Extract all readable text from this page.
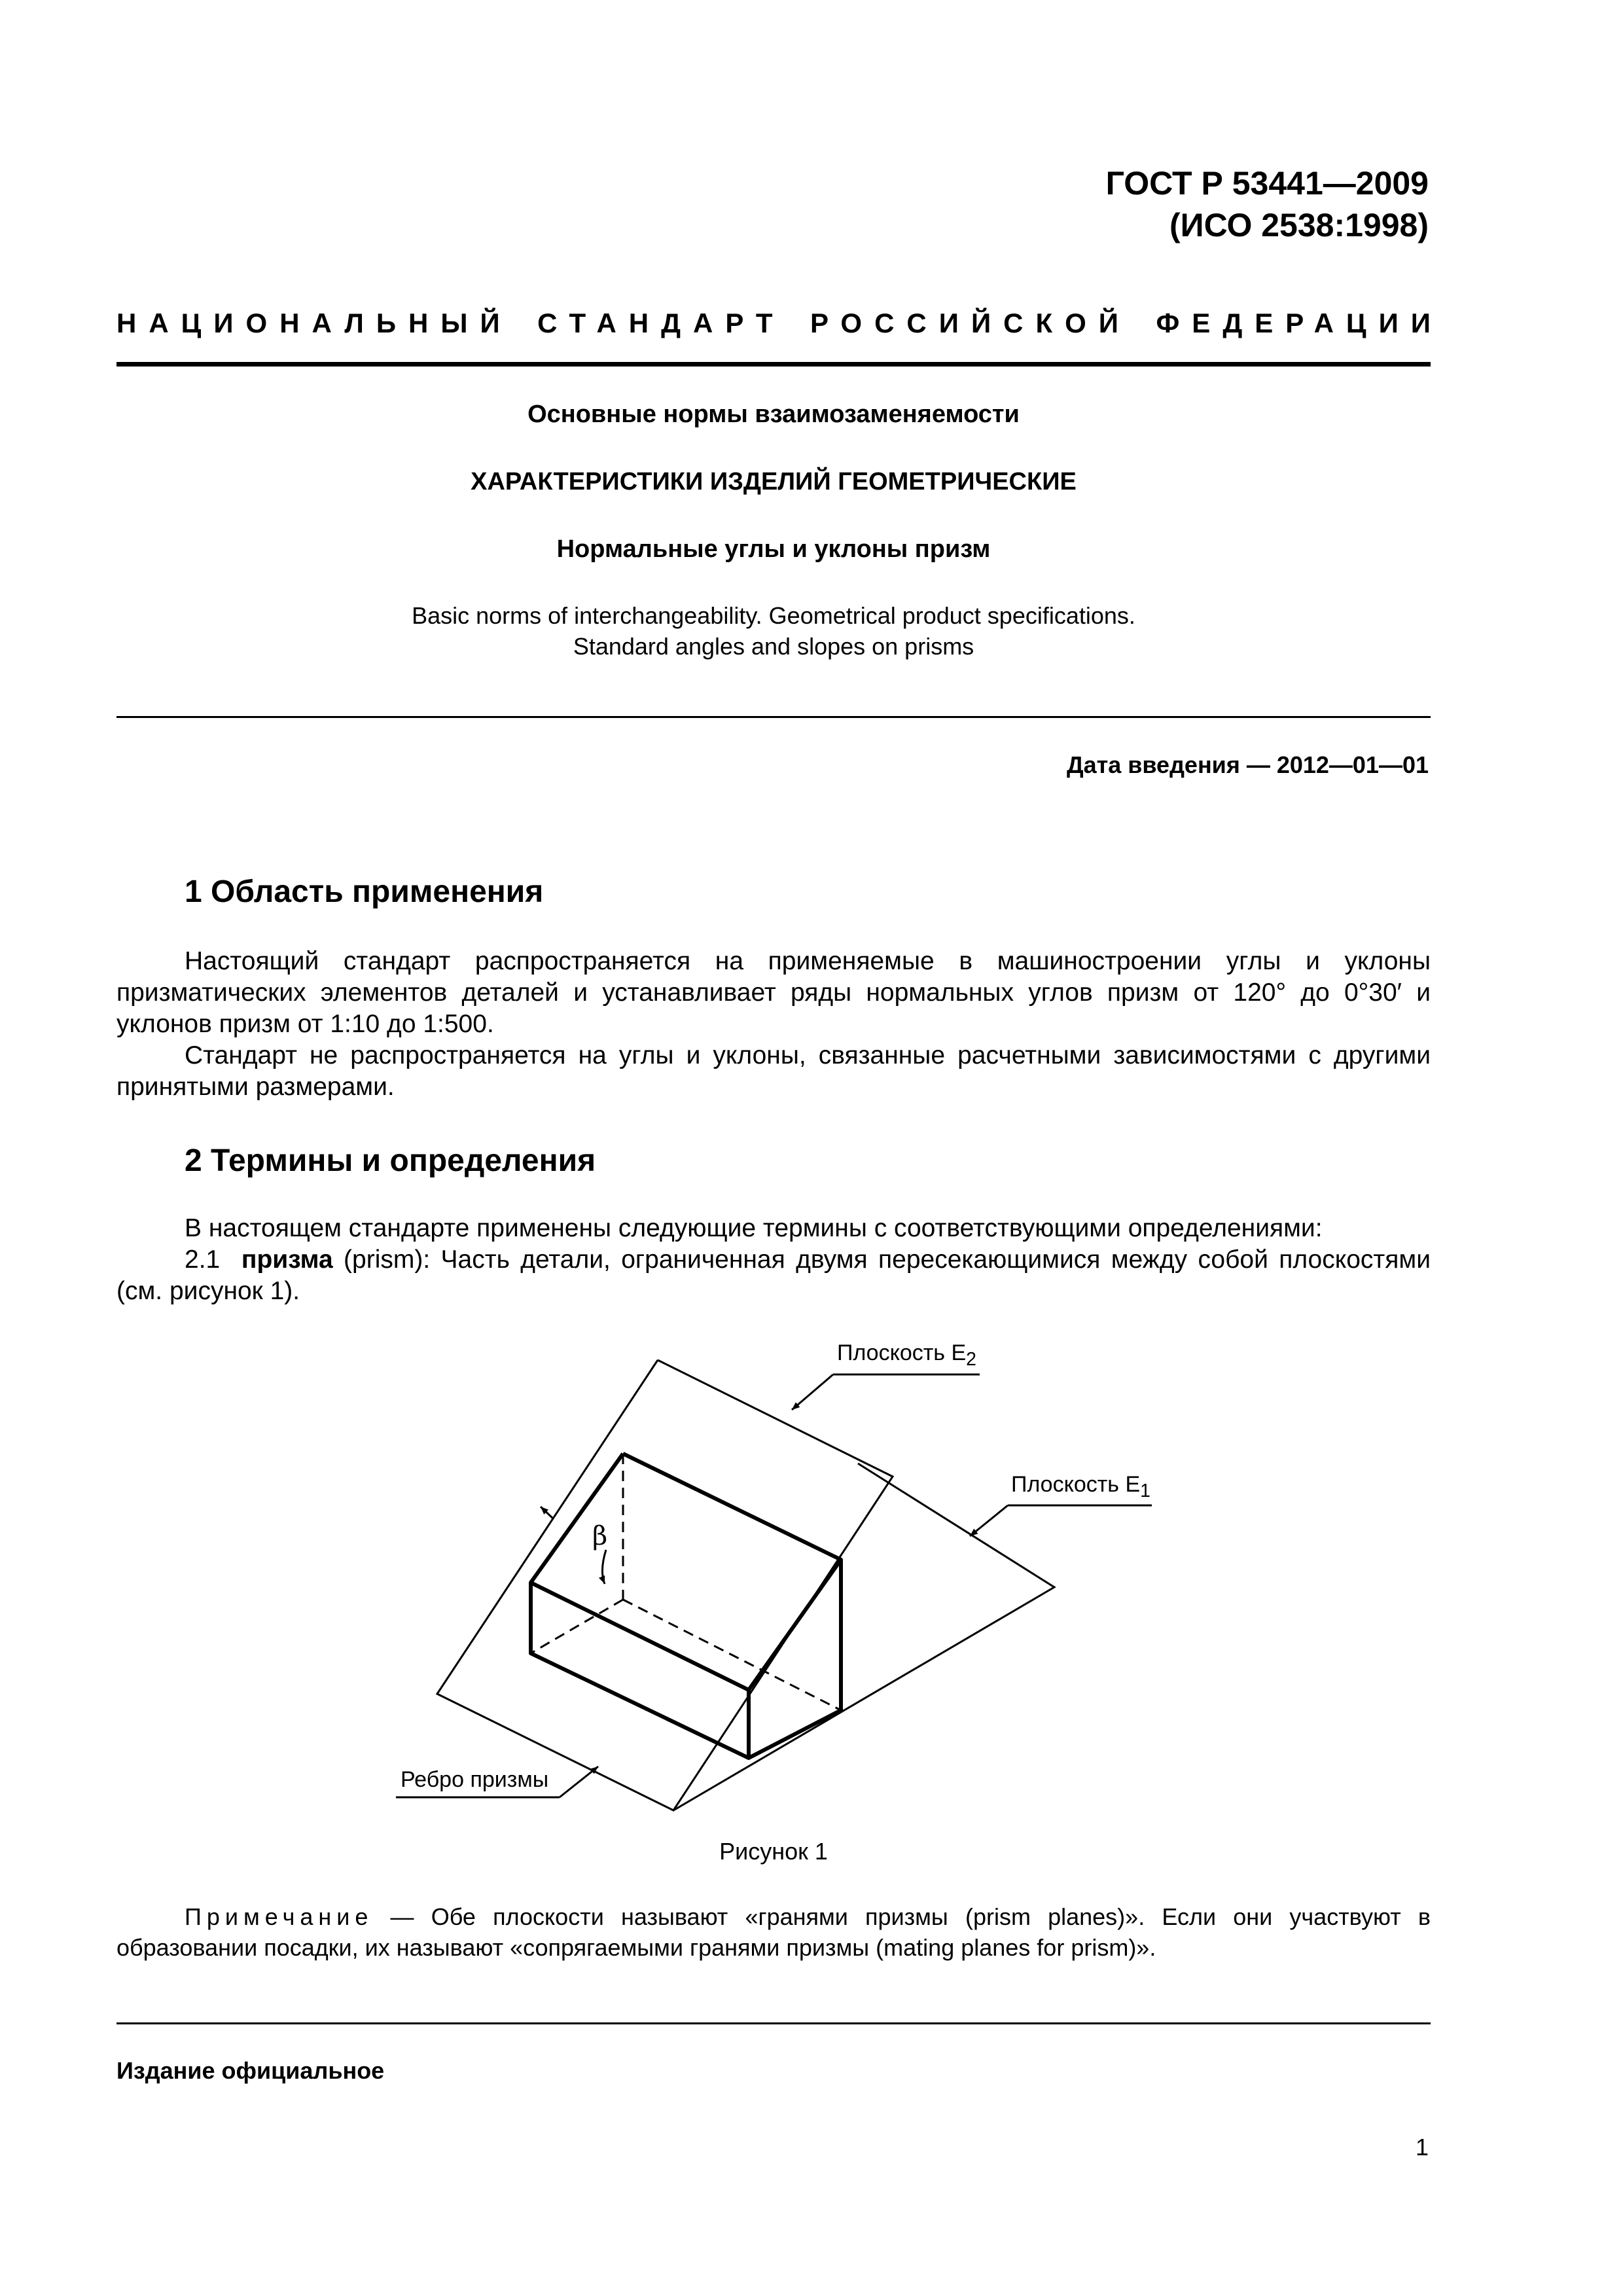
ГОСТ Р 53441—2009
(ИСО 2538:1998)
НАЦИОНАЛЬНЫЙ СТАНДАРТ РОССИЙСКОЙ ФЕДЕРАЦИИ
Основные нормы взаимозаменяемости
ХАРАКТЕРИСТИКИ ИЗДЕЛИЙ ГЕОМЕТРИЧЕСКИЕ
Нормальные углы и уклоны призм
Basic norms of interchangeability. Geometrical product specifications.
Standard angles and slopes on prisms
Дата введения — 2012—01—01
1 Область применения
Настоящий стандарт распространяется на применяемые в машиностроении углы и уклоны призматических элементов деталей и устанавливает ряды нормальных углов призм от 120° до 0°30′ и уклонов призм от 1:10 до 1:500.
Стандарт не распространяется на углы и уклоны, связанные расчетными зависимостями с другими принятыми размерами.
2 Термины и определения
В настоящем стандарте применены следующие термины с соответствующими определениями:
2.1 призма (prism): Часть детали, ограниченная двумя пересекающимися между собой плоскостями (см. рисунок 1).
β
Плоскость $E_2$
Плоскость $E_1$
Ребро призмы
Рисунок 1
Примечание — Обе плоскости называют «гранями призмы (prism planes)». Если они участвуют в образовании посадки, их называют «сопрягаемыми гранями призмы (mating planes for prism)».
Издание официальное
1
